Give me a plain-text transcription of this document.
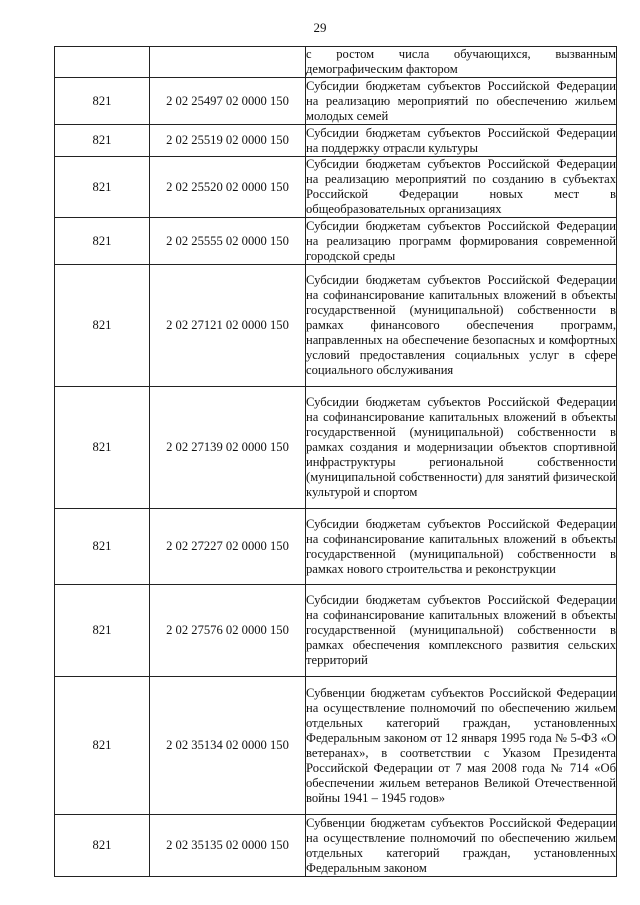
29
		с ростом числа обучающихся, вызванным демографическим фактором
821	2 02 25497 02 0000 150	Субсидии бюджетам субъектов Российской Федерации на реализацию мероприятий по обеспечению жильем молодых семей
821	2 02 25519 02 0000 150	Субсидии бюджетам субъектов Российской Федерации на поддержку отрасли культуры
821	2 02 25520 02 0000 150	Субсидии бюджетам субъектов Российской Федерации на реализацию мероприятий по созданию в субъектах Российской Федерации новых мест в общеобразовательных организациях
821	2 02 25555 02 0000 150	Субсидии бюджетам субъектов Российской Федерации на реализацию программ формирования современной городской среды
821	2 02 27121 02 0000 150	Субсидии бюджетам субъектов Российской Федерации на софинансирование капитальных вложений в объекты государственной (муниципальной) собственности в рамках финансового обеспечения программ, направленных на обеспечение безопасных и комфортных условий предоставления социальных услуг в сфере социального обслуживания
821	2 02 27139 02 0000 150	Субсидии бюджетам субъектов Российской Федерации на софинансирование капитальных вложений в объекты государственной (муниципальной) собственности в рамках создания и модернизации объектов спортивной инфраструктуры региональной собственности (муниципальной собственности) для занятий физической культурой и спортом
821	2 02 27227 02 0000 150	Субсидии бюджетам субъектов Российской Федерации на софинансирование капитальных вложений в объекты государственной (муниципальной) собственности в рамках нового строительства и реконструкции
821	2 02 27576 02 0000 150	Субсидии бюджетам субъектов Российской Федерации на софинансирование капитальных вложений в объекты государственной (муниципальной) собственности в рамках обеспечения комплексного развития сельских территорий
821	2 02 35134 02 0000 150	Субвенции бюджетам субъектов Российской Федерации на осуществление полномочий по обеспечению жильем отдельных категорий граждан, установленных Федеральным законом от 12 января 1995 года № 5-ФЗ «О ветеранах», в соответствии с Указом Президента Российской Федерации от 7 мая 2008 года № 714 «Об обеспечении жильем ветеранов Великой Отечественной войны 1941 – 1945 годов»
821	2 02 35135 02 0000 150	Субвенции бюджетам субъектов Российской Федерации на осуществление полномочий по обеспечению жильем отдельных категорий граждан, установленных Федеральным законом
